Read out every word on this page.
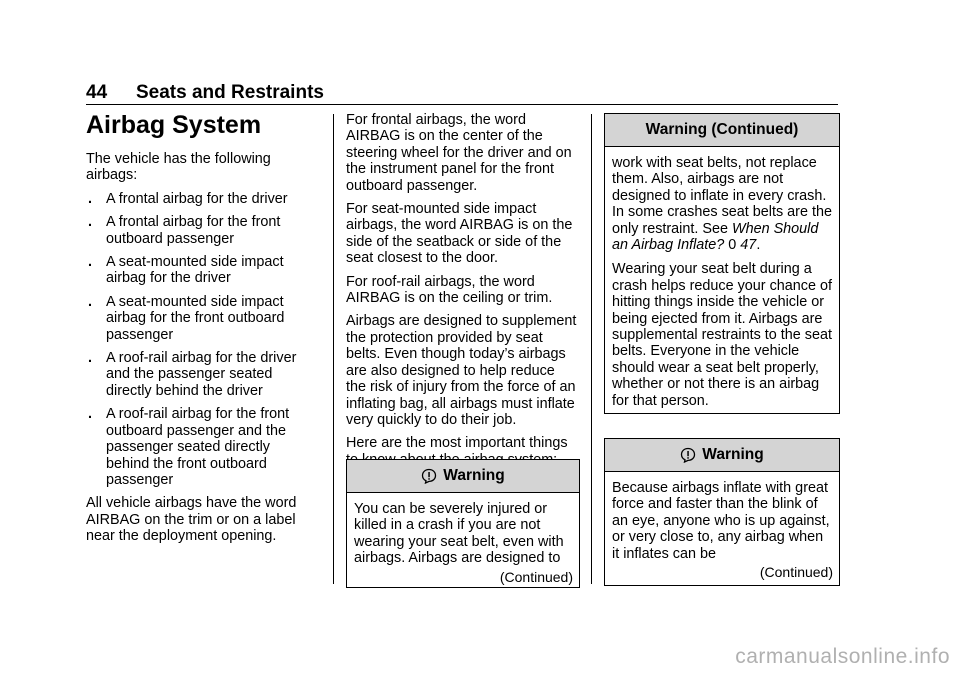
44 Seats and Restraints
Airbag System

The vehicle has the following airbags:

. A frontal airbag for the driver
. A frontal airbag for the front outboard passenger
. A seat-mounted side impact airbag for the driver
. A seat-mounted side impact airbag for the front outboard passenger
. A roof-rail airbag for the driver and the passenger seated directly behind the driver
. A roof-rail airbag for the front outboard passenger and the passenger seated directly behind the front outboard passenger

All vehicle airbags have the word AIRBAG on the trim or on a label near the deployment opening.

For frontal airbags, the word AIRBAG is on the center of the steering wheel for the driver and on the instrument panel for the front outboard passenger.

For seat-mounted side impact airbags, the word AIRBAG is on the side of the seatback or side of the seat closest to the door.

For roof-rail airbags, the word AIRBAG is on the ceiling or trim.

Airbags are designed to supplement the protection provided by seat belts. Even though today’s airbags are also designed to help reduce the risk of injury from the force of an inflating bag, all airbags must inflate very quickly to do their job.

Here are the most important things

Warning

You can be severely injured or killed in a crash if you are not wearing your seat belt, even with airbags. Airbags are designed to

(Continued)
Warning (Continued)

work with seat belts, not replace them. Also, airbags are not designed to inflate in every crash. In some crashes seat belts are the only restraint. See When Should an Airbag Inflate? 0 47.

Wearing your seat belt during a crash helps reduce your chance of hitting things inside the vehicle or being ejected from it. Airbags are supplemental restraints to the seat belts. Everyone in the vehicle should wear a seat belt properly, whether or not there is an airbag for that person.

Warning

Because airbags inflate with great force and faster than the blink of an eye, anyone who is up against, or very close to, any airbag when it inflates can be

(Continued)
carmanualsonline.info
